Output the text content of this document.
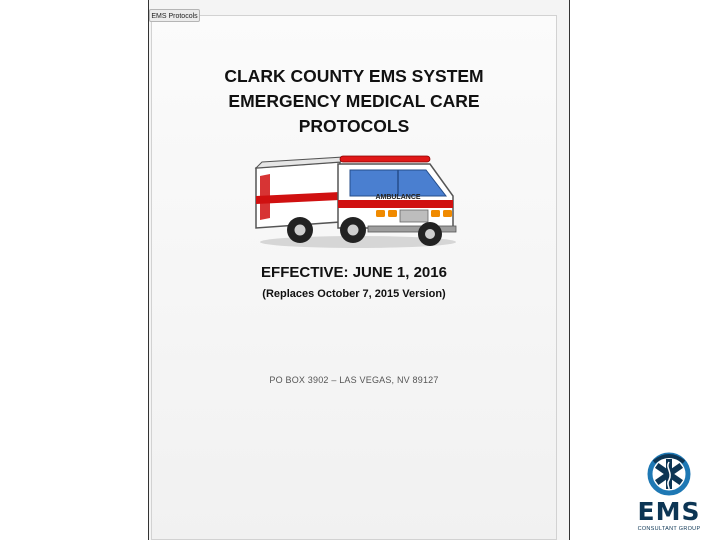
EMS Protocols
CLARK COUNTY EMS SYSTEM
EMERGENCY MEDICAL CARE
PROTOCOLS
AMBULANCE
EFFECTIVE: JUNE 1, 2016
(Replaces October 7, 2015 Version)
PO BOX 3902 – LAS VEGAS, NV 89127
EMS
CONSULTANT GROUP
